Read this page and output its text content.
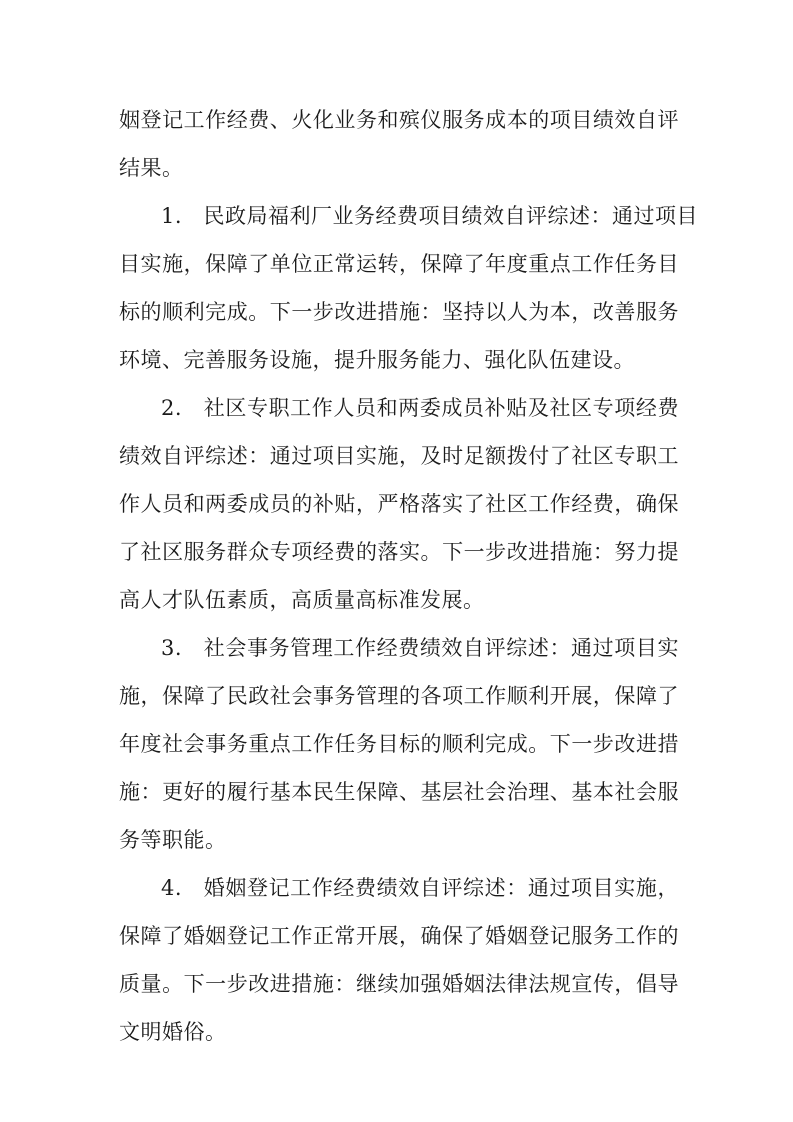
姻登记工作经费、火化业务和殡仪服务成本的项目绩效自评

结果。

1.　民政局福利厂业务经费项目绩效自评综述：通过项目

目实施，保障了单位正常运转，保障了年度重点工作任务目

标的顺利完成。下一步改进措施：坚持以人为本，改善服务

环境、完善服务设施，提升服务能力、强化队伍建设。

2.　社区专职工作人员和两委成员补贴及社区专项经费

绩效自评综述：通过项目实施，及时足额拨付了社区专职工

作人员和两委成员的补贴，严格落实了社区工作经费，确保

了社区服务群众专项经费的落实。下一步改进措施：努力提

高人才队伍素质，高质量高标准发展。

3.　社会事务管理工作经费绩效自评综述：通过项目实

施，保障了民政社会事务管理的各项工作顺利开展，保障了

年度社会事务重点工作任务目标的顺利完成。下一步改进措

施：更好的履行基本民生保障、基层社会治理、基本社会服

务等职能。

4.　婚姻登记工作经费绩效自评综述：通过项目实施，

保障了婚姻登记工作正常开展，确保了婚姻登记服务工作的

质量。下一步改进措施：继续加强婚姻法律法规宣传，倡导

文明婚俗。
